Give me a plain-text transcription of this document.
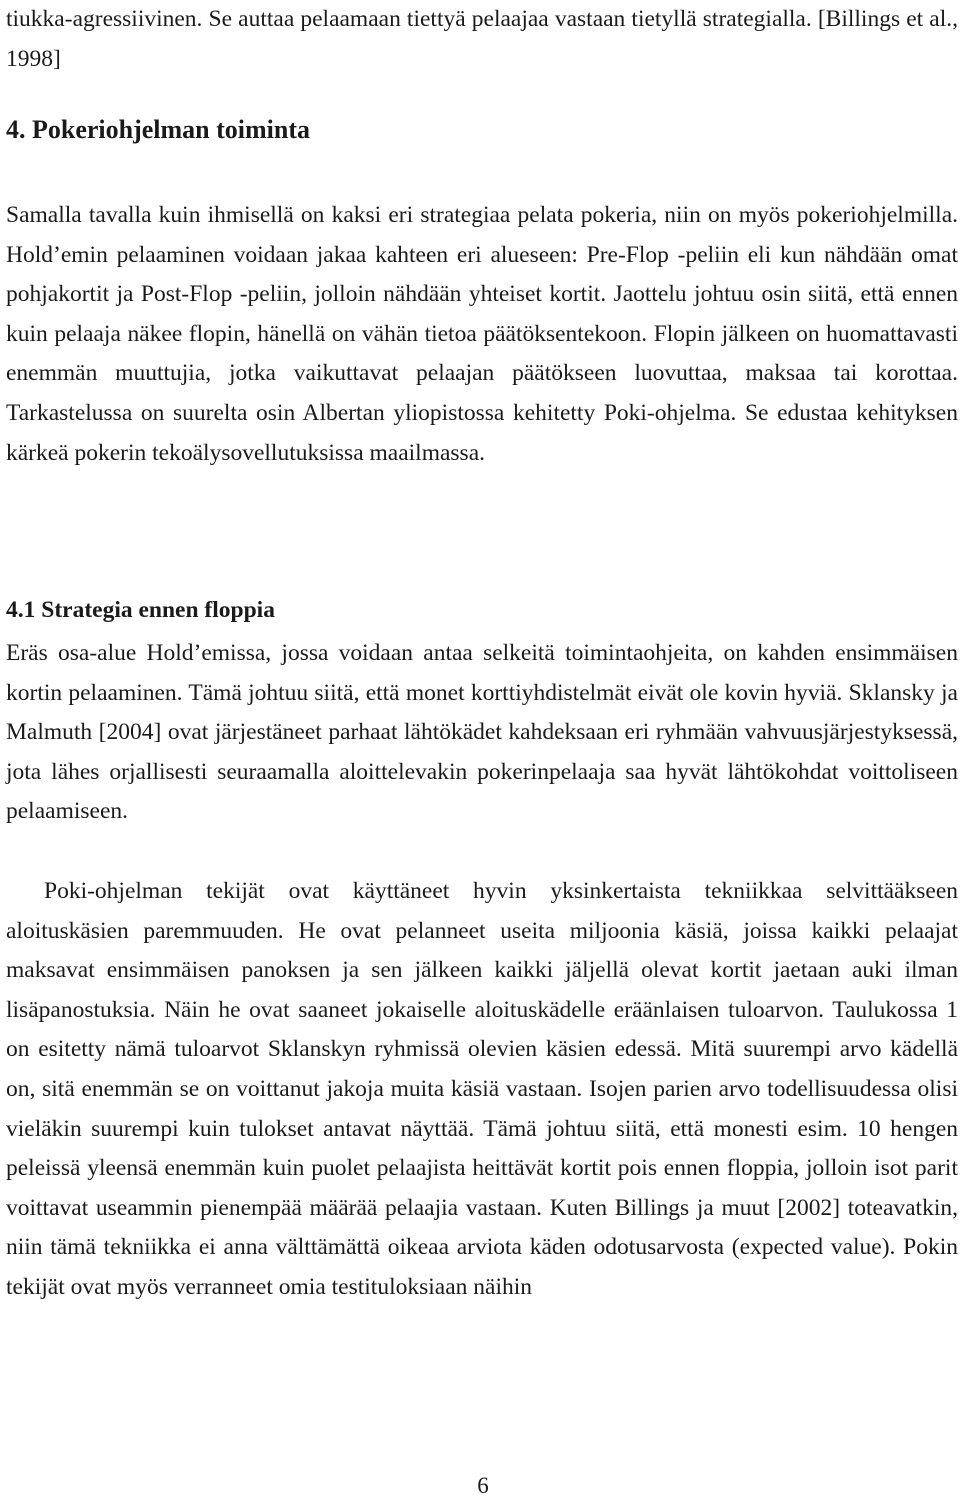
tiukka-agressiivinen. Se auttaa pelaamaan tiettyä pelaajaa vastaan tietyllä strategialla. [Billings et al., 1998]

4. Pokeriohjelman toiminta

Samalla tavalla kuin ihmisellä on kaksi eri strategiaa pelata pokeria, niin on myös pokeriohjelmilla. Hold’emin pelaaminen voidaan jakaa kahteen eri alueseen: Pre-Flop -peliin eli kun nähdään omat pohjakortit ja Post-Flop -peliin, jolloin nähdään yhteiset kortit. Jaottelu johtuu osin siitä, että ennen kuin pelaaja näkee flopin, hänellä on vähän tietoa päätöksentekoon. Flopin jälkeen on huomattavasti enemmän muuttujia, jotka vaikuttavat pelaajan päätökseen luovuttaa, maksaa tai korottaa. Tarkastelussa on suurelta osin Albertan yliopistossa kehitetty Poki-ohjelma. Se edustaa kehityksen kärkeä pokerin tekoälysovellutuksissa maailmassa.

4.1 Strategia ennen floppia

Eräs osa-alue Hold’emissa, jossa voidaan antaa selkeitä toimintaohjeita, on kahden ensimmäisen kortin pelaaminen. Tämä johtuu siitä, että monet korttiyhdistelmät eivät ole kovin hyviä. Sklansky ja Malmuth [2004] ovat järjestäneet parhaat lähtökädet kahdeksaan eri ryhmään vahvuusjärjestyksessä, jota lähes orjallisesti seuraamalla aloittelevakin pokerinpelaaja saa hyvät lähtökohdat voittoliseen pelaamiseen.

Poki-ohjelman tekijät ovat käyttäneet hyvin yksinkertaista tekniikkaa selvittääkseen aloituskäsien paremmuuden. He ovat pelanneet useita miljoonia käsiä, joissa kaikki pelaajat maksavat ensimmäisen panoksen ja sen jälkeen kaikki jäljellä olevat kortit jaetaan auki ilman lisäpanostuksia. Näin he ovat saaneet jokaiselle aloituskädelle eräänlaisen tuloarvon. Taulukossa 1 on esitetty nämä tuloarvot Sklanskyn ryhmissä olevien käsien edessä. Mitä suurempi arvo kädellä on, sitä enemmän se on voittanut jakoja muita käsiä vastaan. Isojen parien arvo todellisuudessa olisi vieläkin suurempi kuin tulokset antavat näyttää. Tämä johtuu siitä, että monesti esim. 10 hengen peleissä yleensä enemmän kuin puolet pelaajista heittävät kortit pois ennen floppia, jolloin isot parit voittavat useammin pienempää määrää pelaajia vastaan. Kuten Billings ja muut [2002] toteavatkin, niin tämä tekniikka ei anna välttämättä oikeaa arviota käden odotusarvosta (expected value). Pokin tekijät ovat myös verranneet omia testituloksiaan näihin

6
